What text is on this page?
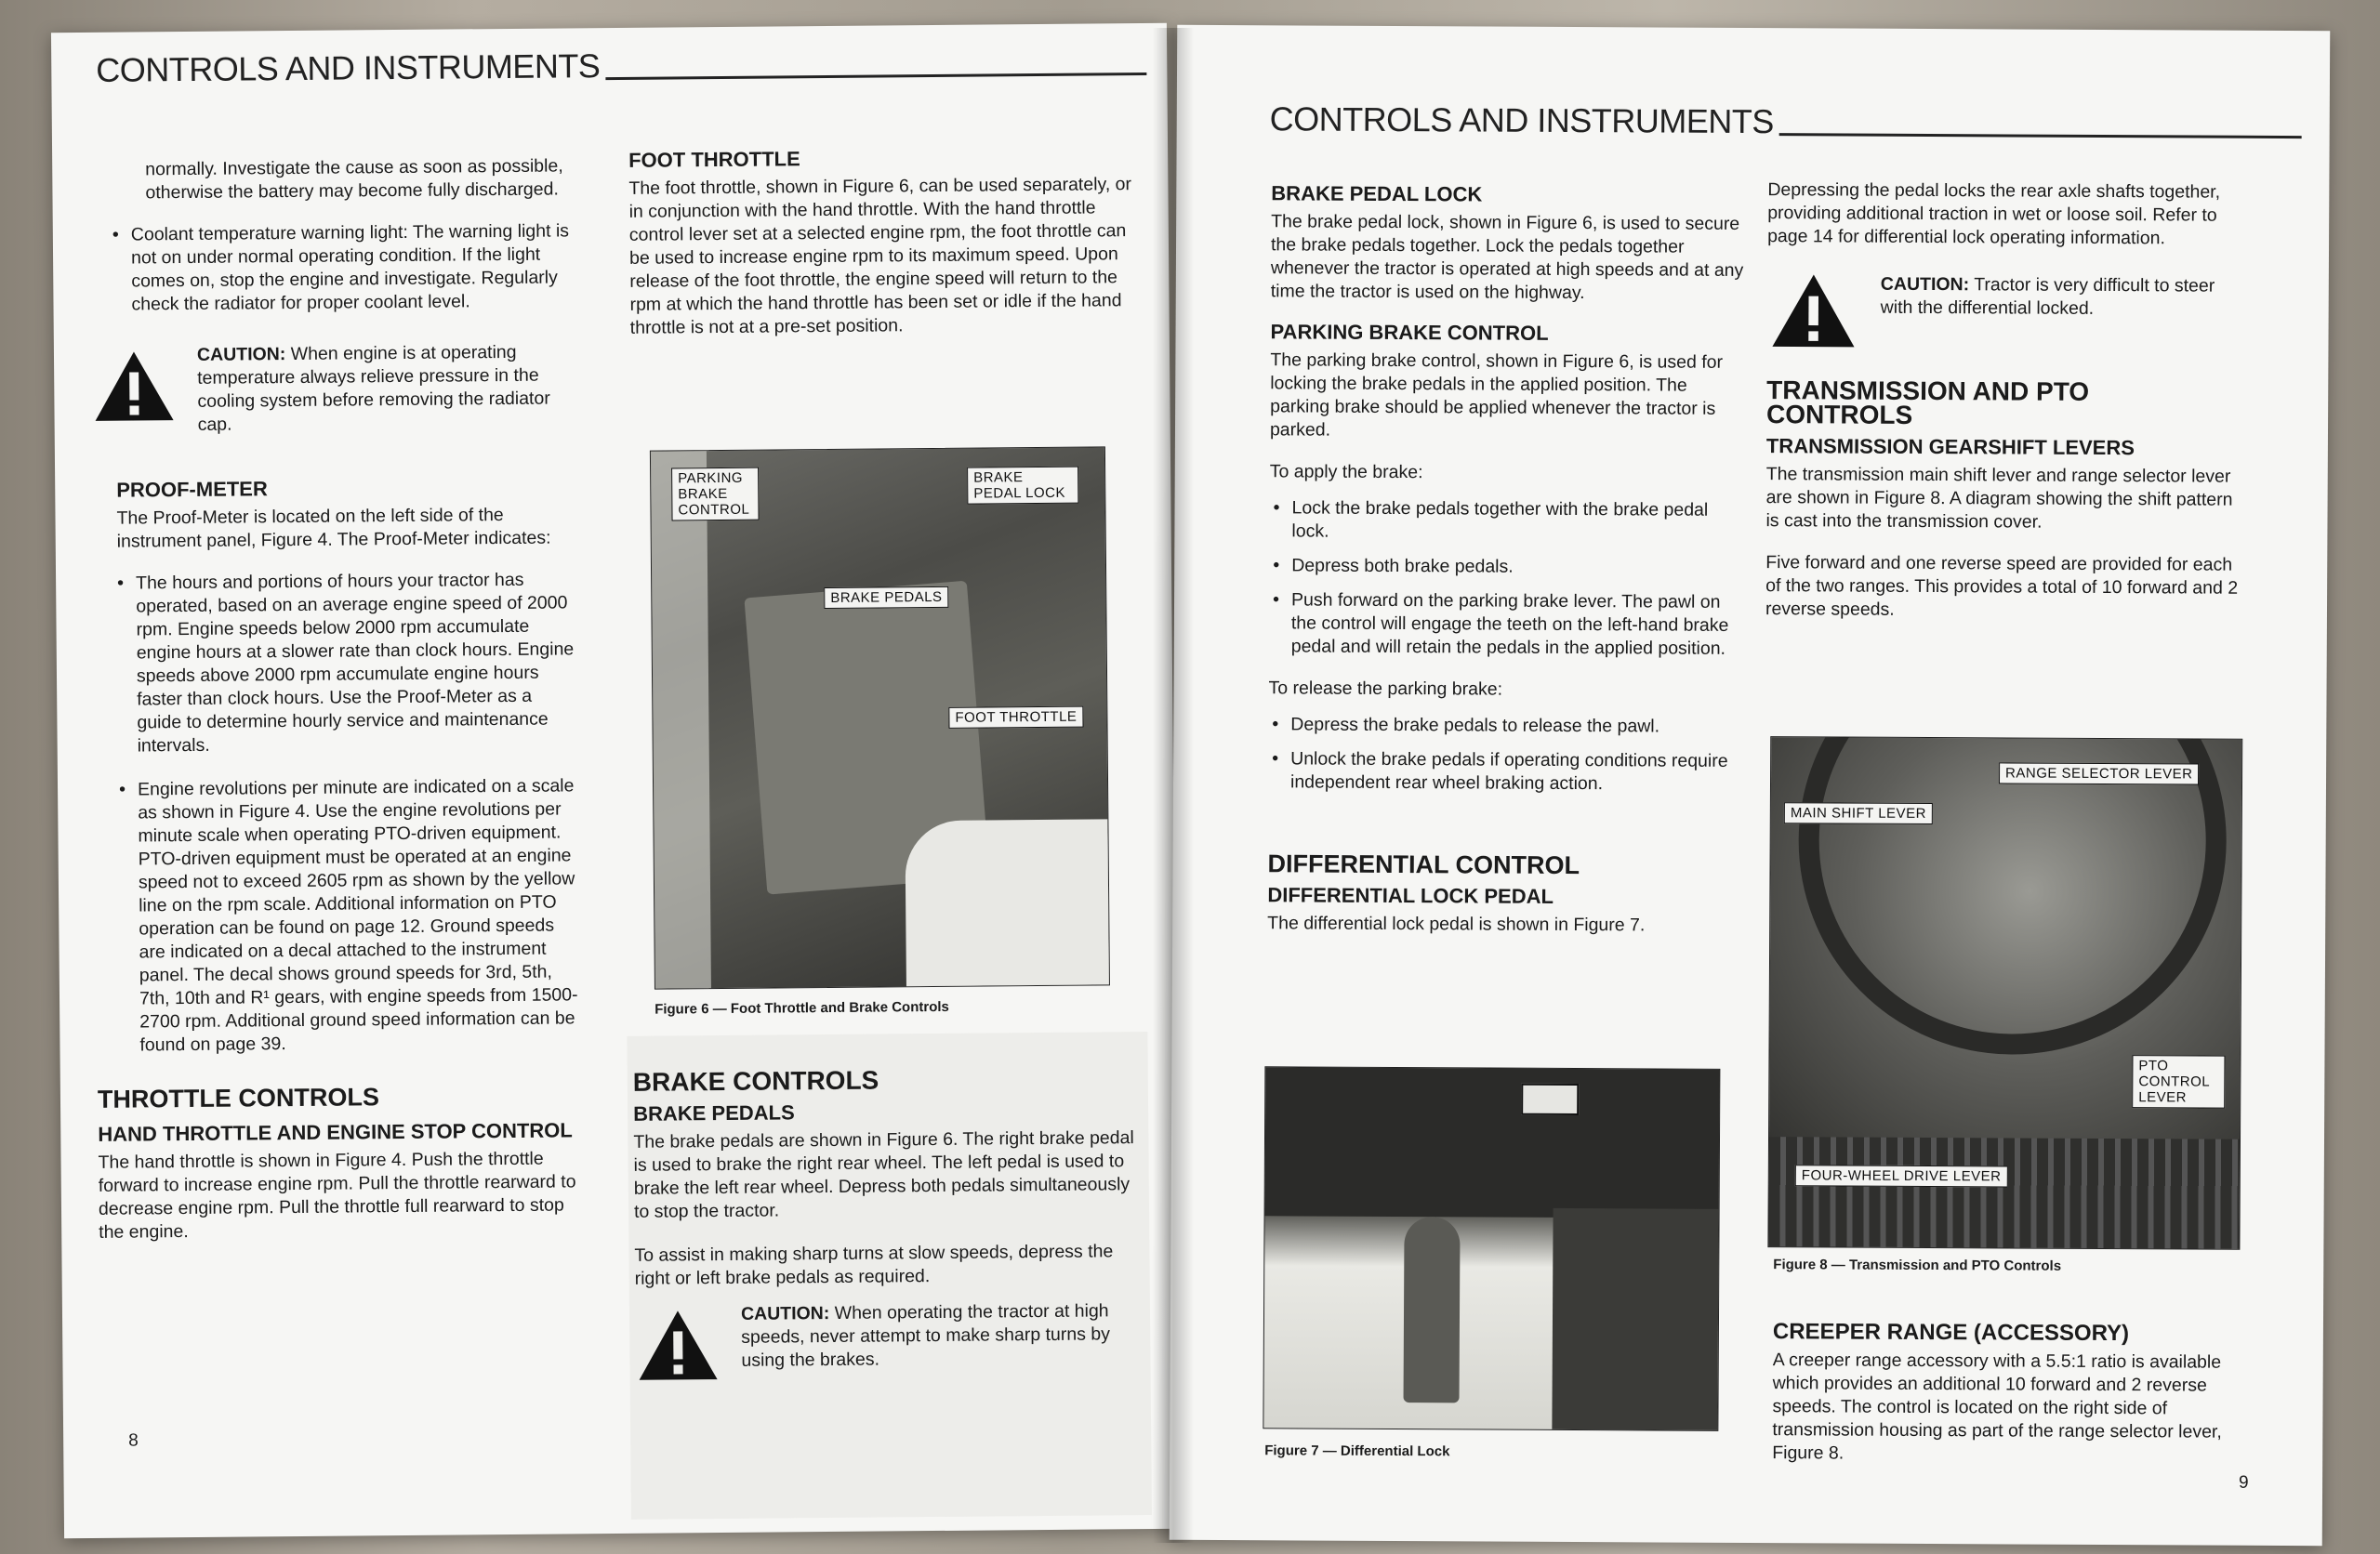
CONTROLS AND INSTRUMENTS

normally. Investigate the cause as soon as possible, otherwise the battery may become fully discharged.

• Coolant temperature warning light: The warning light is not on under normal operating condition. If the light comes on, stop the engine and investigate. Regularly check the radiator for proper coolant level.
CAUTION: When engine is at operating temperature always relieve pressure in the cooling system before removing the radiator cap.
PROOF-METER

The Proof-Meter is located on the left side of the instrument panel, Figure 4. The Proof-Meter indicates:

• The hours and portions of hours your tractor has operated, based on an average engine speed of 2000 rpm. Engine speeds below 2000 rpm accumulate engine hours at a slower rate than clock hours. Engine speeds above 2000 rpm accumulate engine hours faster than clock hours. Use the Proof-Meter as a guide to determine hourly service and maintenance intervals.
• Engine revolutions per minute are indicated on a scale as shown in Figure 4. Use the engine revolutions per minute scale when operating PTO-driven equipment. PTO-driven equipment must be operated at an engine speed not to exceed 2605 rpm as shown by the yellow line on the rpm scale. Additional information on PTO operation can be found on page 12. Ground speeds are indicated on a decal attached to the instrument panel. The decal shows ground speeds for 3rd, 5th, 7th, 10th and R¹ gears, with engine speeds from 1500-2700 rpm. Additional ground speed information can be found on page 39.
THROTTLE CONTROLS
HAND THROTTLE AND ENGINE STOP CONTROL

The hand throttle is shown in Figure 4. Push the throttle forward to increase engine rpm. Pull the throttle rearward to decrease engine rpm. Pull the throttle full rearward to stop the engine.

FOOT THROTTLE

The foot throttle, shown in Figure 6, can be used separately, or in conjunction with the hand throttle. With the hand throttle control lever set at a selected engine rpm, the foot throttle can be used to increase engine rpm to its maximum speed. Upon release of the foot throttle, the engine speed will return to the rpm at which the hand throttle has been set or idle if the hand throttle is not at a pre-set position.

PARKING BRAKE CONTROL
BRAKE PEDAL LOCK
BRAKE PEDALS
FOOT THROTTLE
Figure 6 — Foot Throttle and Brake Controls
BRAKE CONTROLS
BRAKE PEDALS

The brake pedals are shown in Figure 6. The right brake pedal is used to brake the right rear wheel. The left pedal is used to brake the left rear wheel. Depress both pedals simultaneously to stop the tractor.

To assist in making sharp turns at slow speeds, depress the right or left brake pedals as required.

CAUTION: When operating the tractor at high speeds, never attempt to make sharp turns by using the brakes.
8
CONTROLS AND INSTRUMENTS
BRAKE PEDAL LOCK

The brake pedal lock, shown in Figure 6, is used to secure the brake pedals together. Lock the pedals together whenever the tractor is operated at high speeds and at any time the tractor is used on the highway.

PARKING BRAKE CONTROL

The parking brake control, shown in Figure 6, is used for locking the brake pedals in the applied position. The parking brake should be applied whenever the tractor is parked.

To apply the brake:

• Lock the brake pedals together with the brake pedal lock.
• Depress both brake pedals.
• Push forward on the parking brake lever. The pawl on the control will engage the teeth on the left-hand brake pedal and will retain the pedals in the applied position.

To release the parking brake:

• Depress the brake pedals to release the pawl.
• Unlock the brake pedals if operating conditions require independent rear wheel braking action.
DIFFERENTIAL CONTROL
DIFFERENTIAL LOCK PEDAL

The differential lock pedal is shown in Figure 7.

Figure 7 — Differential Lock

Depressing the pedal locks the rear axle shafts together, providing additional traction in wet or loose soil. Refer to page 14 for differential lock operating information.

CAUTION: Tractor is very difficult to steer with the differential locked.
TRANSMISSION AND PTO CONTROLS
TRANSMISSION GEARSHIFT LEVERS

The transmission main shift lever and range selector lever are shown in Figure 8. A diagram showing the shift pattern is cast into the transmission cover.

Five forward and one reverse speed are provided for each of the two ranges. This provides a total of 10 forward and 2 reverse speeds.

RANGE SELECTOR LEVER
MAIN SHIFT LEVER
PTO CONTROL LEVER
FOUR-WHEEL DRIVE LEVER
Figure 8 — Transmission and PTO Controls
CREEPER RANGE (ACCESSORY)

A creeper range accessory with a 5.5:1 ratio is available which provides an additional 10 forward and 2 reverse speeds. The control is located on the right side of transmission housing as part of the range selector lever, Figure 8.

9
